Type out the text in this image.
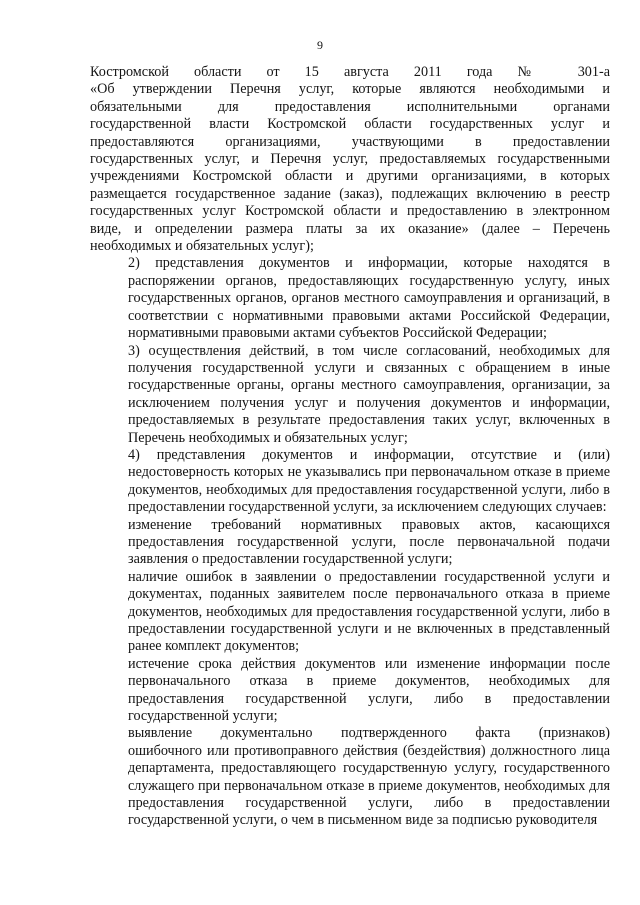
9
Костромской области от 15 августа 2011 года № 301-а
«Об утверждении Перечня услуг, которые являются необходимыми и
обязательными для предоставления исполнительными органами
государственной власти Костромской области государственных услуг и
предоставляются организациями, участвующими в предоставлении
государственных услуг, и Перечня услуг, предоставляемых государственными
учреждениями Костромской области и другими организациями, в которых
размещается государственное задание (заказ), подлежащих включению в реестр
государственных услуг Костромской области и предоставлению в электронном
виде, и определении размера платы за их оказание» (далее – Перечень
необходимых и обязательных услуг);
2) представления документов и информации, которые находятся в
распоряжении органов, предоставляющих государственную услугу, иных
государственных органов, органов местного самоуправления и организаций, в
соответствии с нормативными правовыми актами Российской Федерации,
нормативными правовыми актами субъектов Российской Федерации;
3) осуществления действий, в том числе согласований, необходимых для
получения государственной услуги и связанных с обращением в иные
государственные органы, органы местного самоуправления, организации, за
исключением получения услуг и получения документов и информации,
предоставляемых в результате предоставления таких услуг, включенных в
Перечень необходимых и обязательных услуг;
4) представления документов и информации, отсутствие и (или)
недостоверность которых не указывались при первоначальном отказе в приеме
документов, необходимых для предоставления государственной услуги, либо в
предоставлении государственной услуги, за исключением следующих случаев:
изменение требований нормативных правовых актов, касающихся
предоставления государственной услуги, после первоначальной подачи
заявления о предоставлении государственной услуги;
наличие ошибок в заявлении о предоставлении государственной услуги и
документах, поданных заявителем после первоначального отказа в приеме
документов, необходимых для предоставления государственной услуги, либо в
предоставлении государственной услуги и не включенных в представленный
ранее комплект документов;
истечение срока действия документов или изменение информации после
первоначального отказа в приеме документов, необходимых для
предоставления государственной услуги, либо в предоставлении
государственной услуги;
выявление документально подтвержденного факта (признаков)
ошибочного или противоправного действия (бездействия) должностного лица
департамента, предоставляющего государственную услугу, государственного
служащего при первоначальном отказе в приеме документов, необходимых для
предоставления государственной услуги, либо в предоставлении
государственной услуги, о чем в письменном виде за подписью руководителя
